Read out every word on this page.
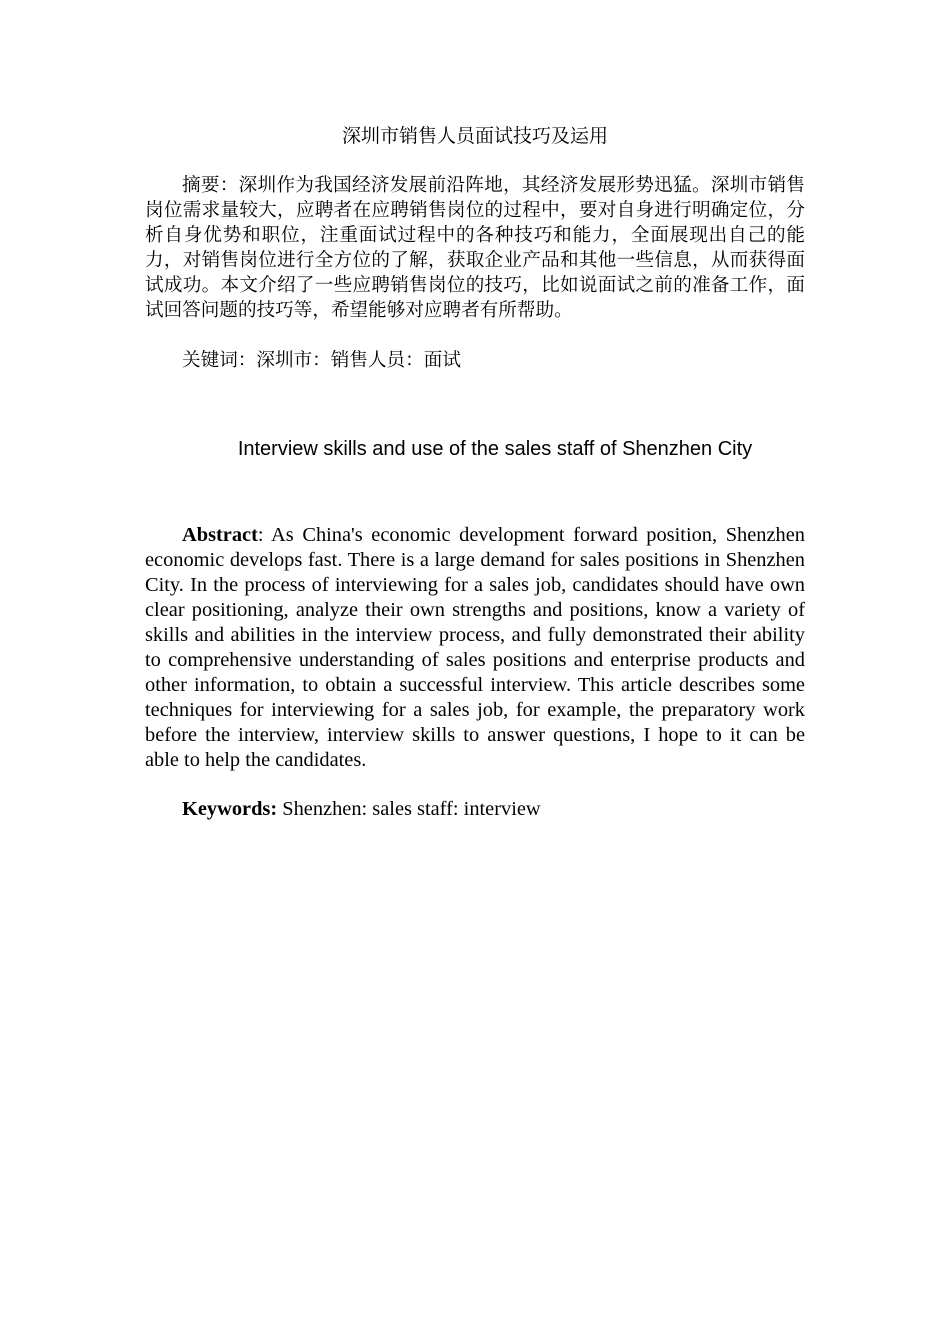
深圳市销售人员面试技巧及运用

摘要：深圳作为我国经济发展前沿阵地，其经济发展形势迅猛。深圳市销售岗位需求量较大，应聘者在应聘销售岗位的过程中，要对自身进行明确定位，分析自身优势和职位，注重面试过程中的各种技巧和能力，全面展现出自己的能力，对销售岗位进行全方位的了解，获取企业产品和其他一些信息，从而获得面试成功。本文介绍了一些应聘销售岗位的技巧，比如说面试之前的准备工作，面试回答问题的技巧等，希望能够对应聘者有所帮助。

关键词：深圳市：销售人员：面试

Interview skills and use of the sales staff of Shenzhen City

Abstract: As China's economic development forward position, Shenzhen economic develops fast. There is a large demand for sales positions in Shenzhen City. In the process of interviewing for a sales job, candidates should have own clear positioning, analyze their own strengths and positions, know a variety of skills and abilities in the interview process, and fully demonstrated their ability to comprehensive understanding of sales positions and enterprise products and other information, to obtain a successful interview. This article describes some techniques for interviewing for a sales job, for example, the preparatory work before the interview, interview skills to answer questions, I hope to it can be able to help the candidates.

Keywords: Shenzhen: sales staff: interview
